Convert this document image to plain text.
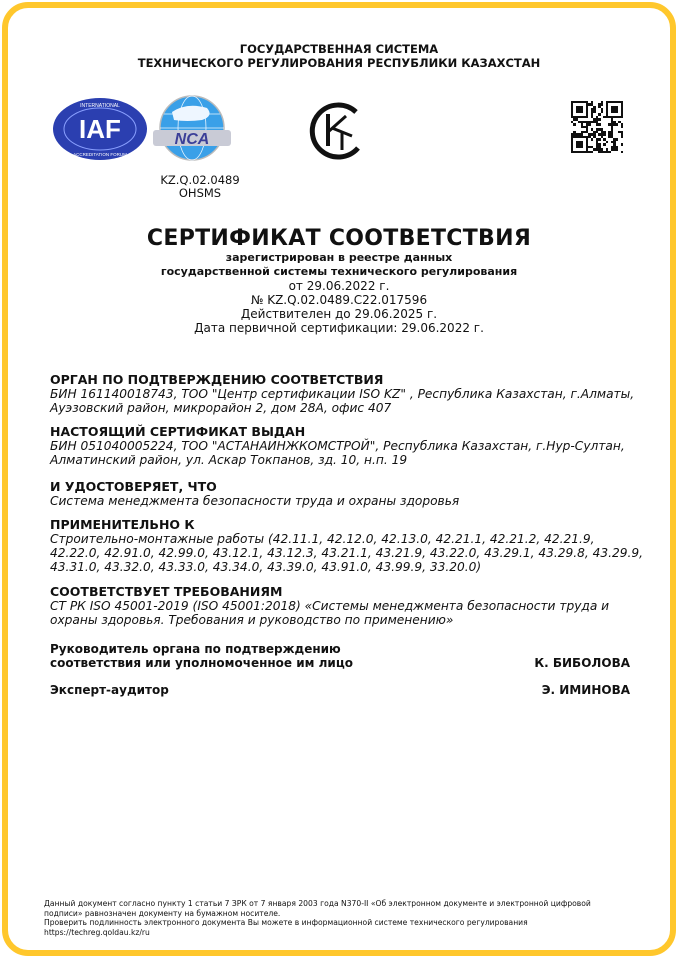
ГОСУДАРСТВЕННАЯ СИСТЕМА
ТЕХНИЧЕСКОГО РЕГУЛИРОВАНИЯ РЕСПУБЛИКИ КАЗАХСТАН
IAF
INTERNATIONAL
ACCREDITATION FORUM
NCA
KZ.Q.02.0489
OHSMS
СЕРТИФИКАТ СООТВЕТСТВИЯ
зарегистрирован в реестре данных
государственной системы технического регулирования
от 29.06.2022 г.
№ KZ.Q.02.0489.C22.017596
Действителен до 29.06.2025 г.
Дата первичной сертификации: 29.06.2022 г.
ОРГАН ПО ПОДТВЕРЖДЕНИЮ СООТВЕТСТВИЯ
БИН 161140018743, ТОО "Центр сертификации ISO KZ" , Республика Казахстан, г.Алматы,
Ауэзовский район, микрорайон 2, дом 28А, офис 407
НАСТОЯЩИЙ СЕРТИФИКАТ ВЫДАН
БИН 051040005224, ТОО "АСТАНАИНЖКОМСТРОЙ", Республика Казахстан, г.Нур-Султан,
Алматинский район, ул. Аскар Токпанов, зд. 10, н.п. 19
И УДОСТОВЕРЯЕТ, ЧТО
Система менеджмента безопасности труда и охраны здоровья
ПРИМЕНИТЕЛЬНО К
Строительно-монтажные работы (42.11.1, 42.12.0, 42.13.0, 42.21.1, 42.21.2, 42.21.9,
42.22.0, 42.91.0, 42.99.0, 43.12.1, 43.12.3, 43.21.1, 43.21.9, 43.22.0, 43.29.1, 43.29.8, 43.29.9,
43.31.0, 43.32.0, 43.33.0, 43.34.0, 43.39.0, 43.91.0, 43.99.9, 33.20.0)
СООТВЕТСТВУЕТ ТРЕБОВАНИЯМ
СТ РК ISO 45001-2019 (ISO 45001:2018) «Системы менеджмента безопасности труда и
охраны здоровья. Требования и руководство по применению»
Руководитель органа по подтверждению
соответствия или уполномоченное им лицо	К. БИБОЛОВА
Эксперт-аудитор	Э. ИМИНОВА
Данный документ согласно пункту 1 статьи 7 ЗРК от 7 января 2003 года N370-II «Об электронном документе и электронной цифровой
подписи» равнозначен документу на бумажном носителе.
Проверить подлинность электронного документа Вы можете в информационной системе технического регулирования
https://techreg.qoldau.kz/ru
